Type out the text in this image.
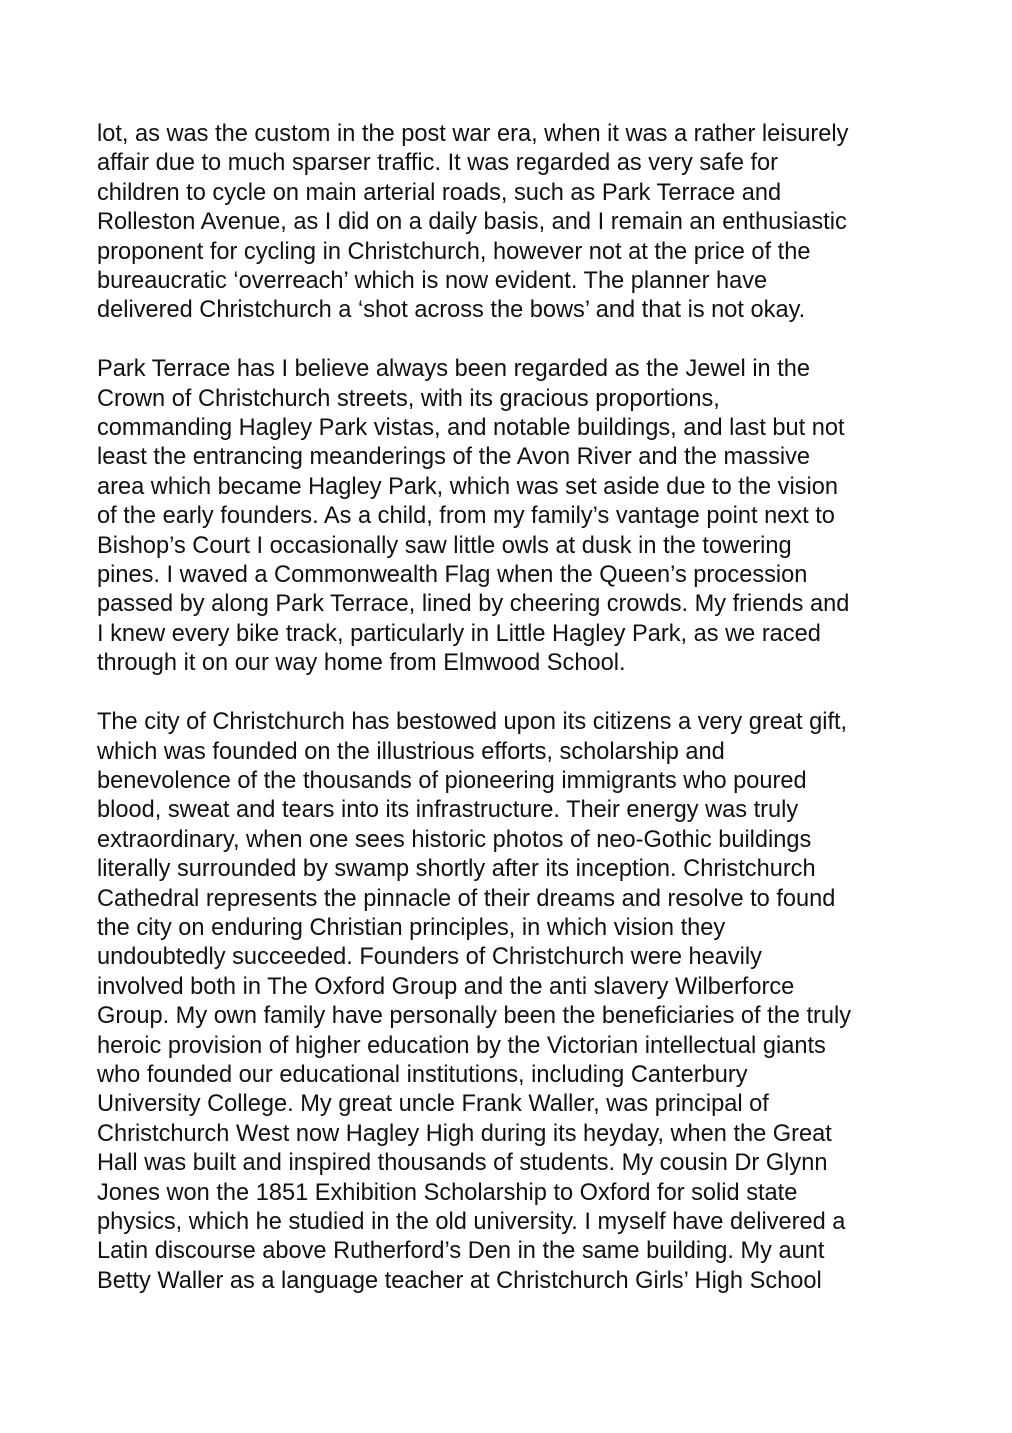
lot, as was the custom in the post war era, when it was a rather leisurely
affair due to much sparser traffic. It was regarded as very safe for
children to cycle on main arterial roads, such as Park Terrace and
Rolleston Avenue, as I did on a daily basis, and I remain an enthusiastic
proponent for cycling in Christchurch, however not at the price of the
bureaucratic ‘overreach’ which is now evident. The planner have
delivered Christchurch a ‘shot across the bows’ and that is not okay.

Park Terrace has I believe always been regarded as the Jewel in the
Crown of Christchurch streets, with its gracious proportions,
commanding Hagley Park vistas, and notable buildings, and last but not
least the entrancing meanderings of the Avon River and the massive
area which became Hagley Park, which was set aside due to the vision
of the early founders. As a child, from my family’s vantage point next to
Bishop’s Court I occasionally saw little owls at dusk in the towering
pines. I waved a Commonwealth Flag when the Queen’s procession
passed by along Park Terrace, lined by cheering crowds. My friends and
I knew every bike track, particularly in Little Hagley Park, as we raced
through it on our way home from Elmwood School.

The city of Christchurch has bestowed upon its citizens a very great gift,
which was founded on the illustrious efforts, scholarship and
benevolence of the thousands of pioneering immigrants who poured
blood, sweat and tears into its infrastructure. Their energy was truly
extraordinary, when one sees historic photos of neo-Gothic buildings
literally surrounded by swamp shortly after its inception. Christchurch
Cathedral represents the pinnacle of their dreams and resolve to found
the city on enduring Christian principles, in which vision they
undoubtedly succeeded. Founders of Christchurch were heavily
involved both in The Oxford Group and the anti slavery Wilberforce
Group. My own family have personally been the beneficiaries of the truly
heroic provision of higher education by the Victorian intellectual giants
who founded our educational institutions, including Canterbury
University College. My great uncle Frank Waller, was principal of
Christchurch West now Hagley High during its heyday, when the Great
Hall was built and inspired thousands of students. My cousin Dr Glynn
Jones won the 1851 Exhibition Scholarship to Oxford for solid state
physics, which he studied in the old university. I myself have delivered a
Latin discourse above Rutherford’s Den in the same building. My aunt
Betty Waller as a language teacher at Christchurch Girls’ High School
